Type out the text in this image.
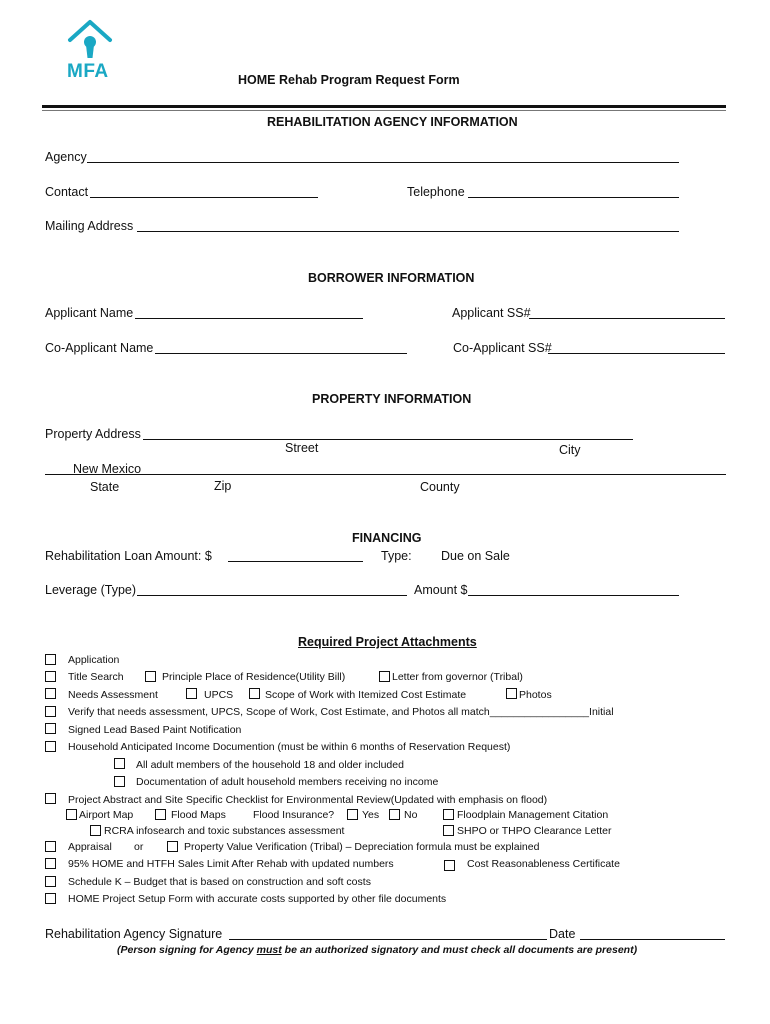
MFA	HOME Rehab Program Request Form
REHABILITATION AGENCY INFORMATION
Agency
Contact	Telephone
Mailing Address
BORROWER INFORMATION
Applicant Name	Applicant SS#
Co-Applicant Name	Co-Applicant SS#
PROPERTY INFORMATION
Property Address
Street	City
New Mexico
State	Zip	County
FINANCING
Rehabilitation Loan Amount: $	Type: Due on Sale
Leverage (Type)	Amount $
Required Project Attachments
Application
Title Search	Principle Place of Residence(Utility Bill)	Letter from governor (Tribal)
Needs Assessment	UPCS	Scope of Work with Itemized Cost Estimate	Photos
Verify that needs assessment, UPCS, Scope of Work, Cost Estimate, and Photos all match_________________Initial
Signed Lead Based Paint Notification
Household Anticipated Income Documention (must be within 6 months of Reservation Request)
All adult members of the household 18 and older included
Documentation of adult household members receiving no income
Project Abstract and Site Specific Checklist for Environmental Review(Updated with emphasis on flood)
Airport Map	Flood Maps	Flood Insurance?	Yes No	Floodplain Management Citation
RCRA infosearch and toxic substances assessment	SHPO or THPO Clearance Letter
Appraisal or	Property Value Verification (Tribal) – Depreciation formula must be explained
95% HOME and HTFH Sales Limit After Rehab with updated numbers	Cost Reasonableness Certificate
Schedule K – Budget that is based on construction and soft costs
HOME Project Setup Form with accurate costs supported by other file documents
Rehabilitation Agency Signature	Date
(Person signing for Agency must be an authorized signatory and must check all documents are present)
